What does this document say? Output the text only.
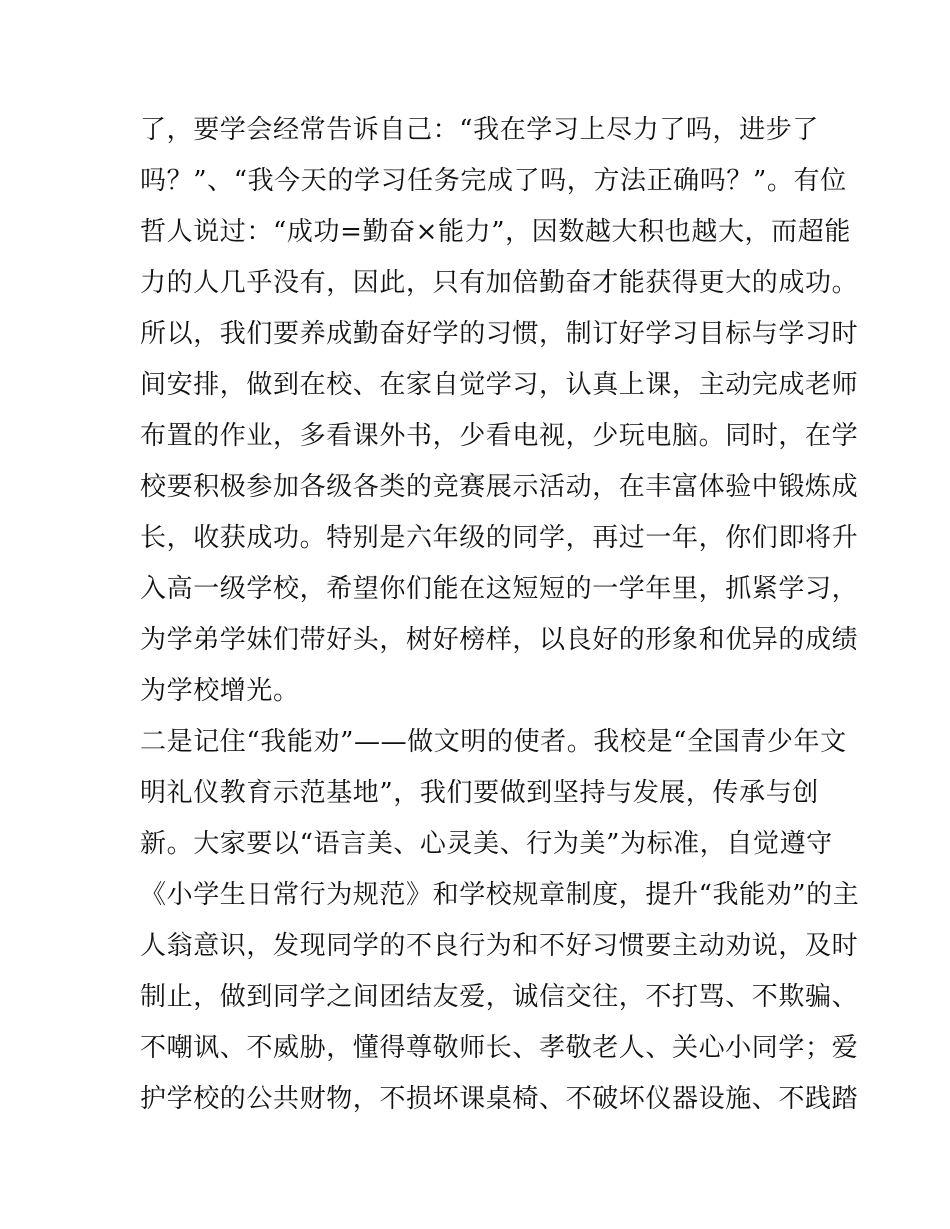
了，要学会经常告诉自己：“我在学习上尽力了吗，进步了
吗？”、“我今天的学习任务完成了吗，方法正确吗？”。有位
哲人说过：“成功=勤奋×能力”，因数越大积也越大，而超能
力的人几乎没有，因此，只有加倍勤奋才能获得更大的成功。
所以，我们要养成勤奋好学的习惯，制订好学习目标与学习时
间安排，做到在校、在家自觉学习，认真上课，主动完成老师
布置的作业，多看课外书，少看电视，少玩电脑。同时，在学
校要积极参加各级各类的竞赛展示活动，在丰富体验中锻炼成
长，收获成功。特别是六年级的同学，再过一年，你们即将升
入高一级学校，希望你们能在这短短的一学年里，抓紧学习，
为学弟学妹们带好头，树好榜样，以良好的形象和优异的成绩
为学校增光。
二是记住“我能劝”——做文明的使者。我校是“全国青少年文
明礼仪教育示范基地”，我们要做到坚持与发展，传承与创
新。大家要以“语言美、心灵美、行为美”为标准，自觉遵守
《小学生日常行为规范》和学校规章制度，提升“我能劝”的主
人翁意识，发现同学的不良行为和不好习惯要主动劝说，及时
制止，做到同学之间团结友爱，诚信交往，不打骂、不欺骗、
不嘲讽、不威胁，懂得尊敬师长、孝敬老人、关心小同学；爱
护学校的公共财物，不损坏课桌椅、不破坏仪器设施、不践踏
